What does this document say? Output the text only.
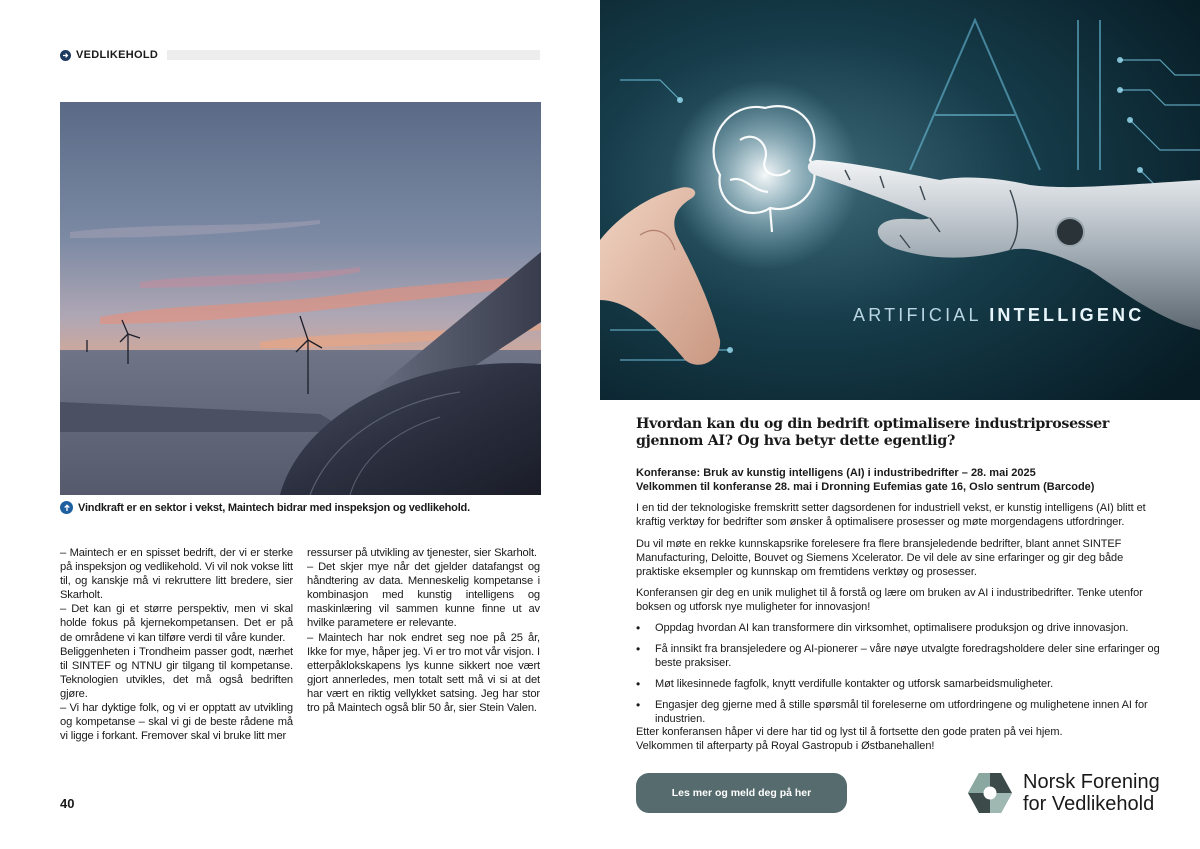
VEDLIKEHOLD
Vindkraft er en sektor i vekst, Maintech bidrar med inspeksjon og vedlikehold.

– Maintech er en spisset bedrift, der vi er sterke på inspeksjon og vedlikehold. Vi vil nok vokse litt til, og kanskje må vi rekruttere litt bredere, sier Skarholt.

– Det kan gi et større perspektiv, men vi skal holde fokus på kjernekompetansen. Det er på de områdene vi kan tilføre verdi til våre kunder.

Beliggenheten i Trondheim passer godt, nærhet til SINTEF og NTNU gir tilgang til kompetanse. Teknologien utvikles, det må også bedriften gjøre.

– Vi har dyktige folk, og vi er opptatt av utvikling og kompetanse – skal vi gi de beste rådene må vi ligge i forkant. Fremover skal vi bruke litt mer

ressurser på utvikling av tjenester, sier Skarholt.

– Det skjer mye når det gjelder datafangst og håndtering av data. Menneskelig kompetanse i kombinasjon med kunstig intelligens og maskinlæring vil sammen kunne finne ut av hvilke parametere er relevante.

– Maintech har nok endret seg noe på 25 år, Ikke for mye, håper jeg. Vi er tro mot vår visjon. I etterpåklokskapens lys kunne sikkert noe vært gjort annerledes, men totalt sett må vi si at det har vært en riktig vellykket satsing. Jeg har stor tro på Maintech også blir 50 år, sier Stein Valen.

40
ARTIFICIAL INTELLIGENC
Hvordan kan du og din bedrift optimalisere industriprosesser gjennom AI? Og hva betyr dette egentlig?
Konferanse: Bruk av kunstig intelligens (AI) i industribedrifter – 28. mai 2025
Velkommen til konferanse 28. mai i Dronning Eufemias gate 16, Oslo sentrum (Barcode)

I en tid der teknologiske fremskritt setter dagsordenen for industriell vekst, er kunstig intelligens (AI) blitt et kraftig verktøy for bedrifter som ønsker å optimalisere prosesser og møte morgendagens utfordringer.

Du vil møte en rekke kunnskapsrike forelesere fra flere bransjeledende bedrifter, blant annet SINTEF Manufacturing, Deloitte, Bouvet og Siemens Xcelerator. De vil dele av sine erfaringer og gir deg både praktiske eksempler og kunnskap om fremtidens verktøy og prosesser.

Konferansen gir deg en unik mulighet til å forstå og lære om bruken av AI i industribedrifter. Tenke utenfor boksen og utforsk nye muligheter for innovasjon!

• Oppdag hvordan AI kan transformere din virksomhet, optimalisere produksjon og drive innovasjon.
• Få innsikt fra bransjeledere og AI-pionerer – våre nøye utvalgte foredragsholdere deler sine erfaringer og beste praksiser.
• Møt likesinnede fagfolk, knytt verdifulle kontakter og utforsk samarbeidsmuligheter.
• Engasjer deg gjerne med å stille spørsmål til foreleserne om utfordringene og mulighetene innen AI for industrien.
Etter konferansen håper vi dere har tid og lyst til å fortsette den gode praten på vei hjem.
Velkommen til afterparty på Royal Gastropub i Østbanehallen!
Les mer og meld deg på her	Norsk Forening
for Vedlikehold
